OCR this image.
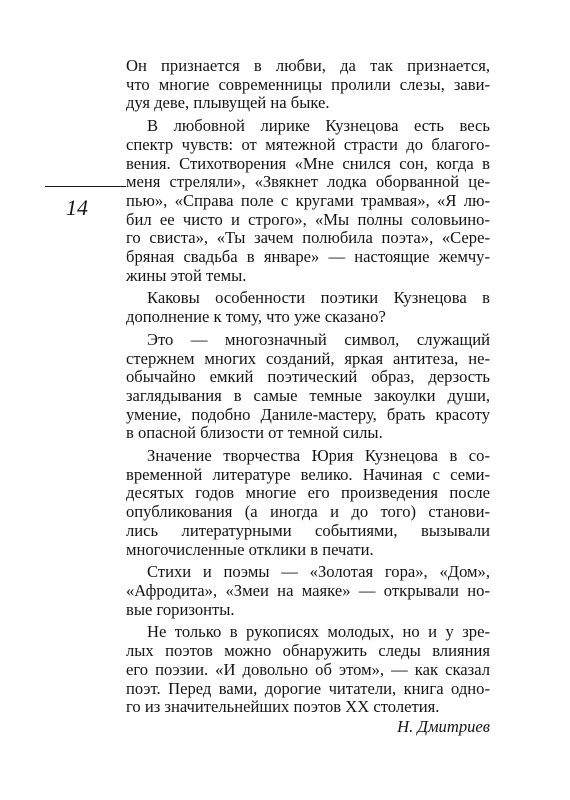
14
Он признается в любви, да так признается,
что многие современницы пролили слезы, зави-
дуя деве, плывущей на быке.
В любовной лирике Кузнецова есть весь
спектр чувств: от мятежной страсти до благого-
вения. Стихотворения «Мне снился сон, когда в
меня стреляли», «Звякнет лодка оборванной це-
пью», «Справа поле с кругами трамвая», «Я лю-
бил ее чисто и строго», «Мы полны соловьино-
го свиста», «Ты зачем полюбила поэта», «Сере-
бряная свадьба в январе» — настоящие жемчу-
жины этой темы.
Каковы особенности поэтики Кузнецова в
дополнение к тому, что уже сказано?
Это — многозначный символ, служащий
стержнем многих созданий, яркая антитеза, не-
обычайно емкий поэтический образ, дерзость
заглядывания в самые темные закоулки души,
умение, подобно Даниле-мастеру, брать красоту
в опасной близости от темной силы.
Значение творчества Юрия Кузнецова в со-
временной литературе велико. Начиная с семи-
десятых годов многие его произведения после
опубликования (а иногда и до того) станови-
лись литературными событиями, вызывали
многочисленные отклики в печати.
Стихи и поэмы — «Золотая гора», «Дом»,
«Афродита», «Змеи на маяке» — открывали но-
вые горизонты.
Не только в рукописях молодых, но и у зре-
лых поэтов можно обнаружить следы влияния
его поэзии. «И довольно об этом», — как сказал
поэт. Перед вами, дорогие читатели, книга одно-
го из значительнейших поэтов XX столетия.
Н. Дмитриев
